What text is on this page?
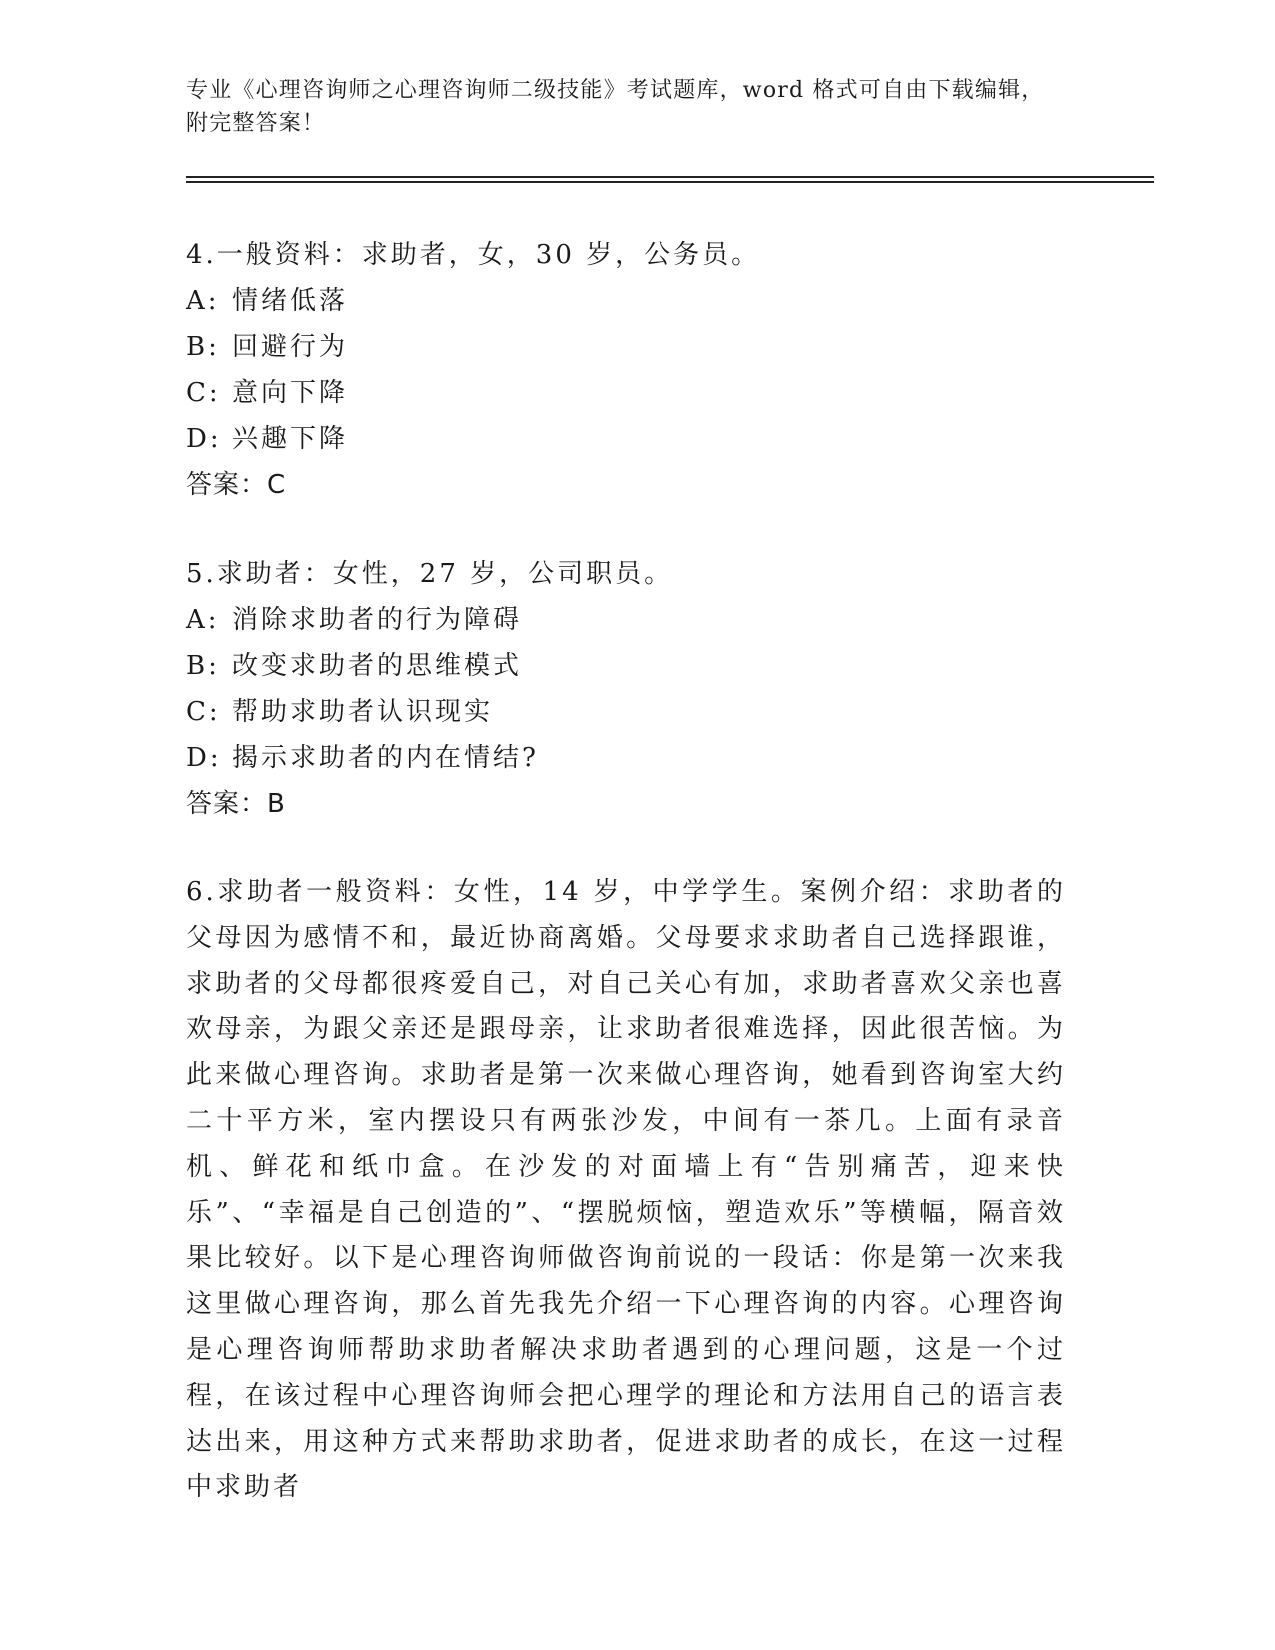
专业《心理咨询师之心理咨询师二级技能》考试题库，word 格式可自由下载编辑，附完整答案！
4.一般资料：求助者，女，30 岁，公务员。
A: 情绪低落
B: 回避行为
C: 意向下降
D: 兴趣下降
答案：C
5.求助者：女性，27 岁，公司职员。
A: 消除求助者的行为障碍
B: 改变求助者的思维模式
C: 帮助求助者认识现实
D: 揭示求助者的内在情结?
答案：B
6.求助者一般资料：女性，14 岁，中学学生。案例介绍：求助者的父母因为感情不和，最近协商离婚。父母要求求助者自己选择跟谁，求助者的父母都很疼爱自己，对自己关心有加，求助者喜欢父亲也喜欢母亲，为跟父亲还是跟母亲，让求助者很难选择，因此很苦恼。为此来做心理咨询。求助者是第一次来做心理咨询，她看到咨询室大约二十平方米，室内摆设只有两张沙发，中间有一茶几。上面有录音机、鲜花和纸巾盒。在沙发的对面墙上有“告别痛苦，迎来快乐”、“幸福是自己创造的”、“摆脱烦恼，塑造欢乐”等横幅，隔音效果比较好。以下是心理咨询师做咨询前说的一段话：你是第一次来我这里做心理咨询，那么首先我先介绍一下心理咨询的内容。心理咨询是心理咨询师帮助求助者解决求助者遇到的心理问题，这是一个过程，在该过程中心理咨询师会把心理学的理论和方法用自己的语言表达出来，用这种方式来帮助求助者，促进求助者的成长，在这一过程中求助者
